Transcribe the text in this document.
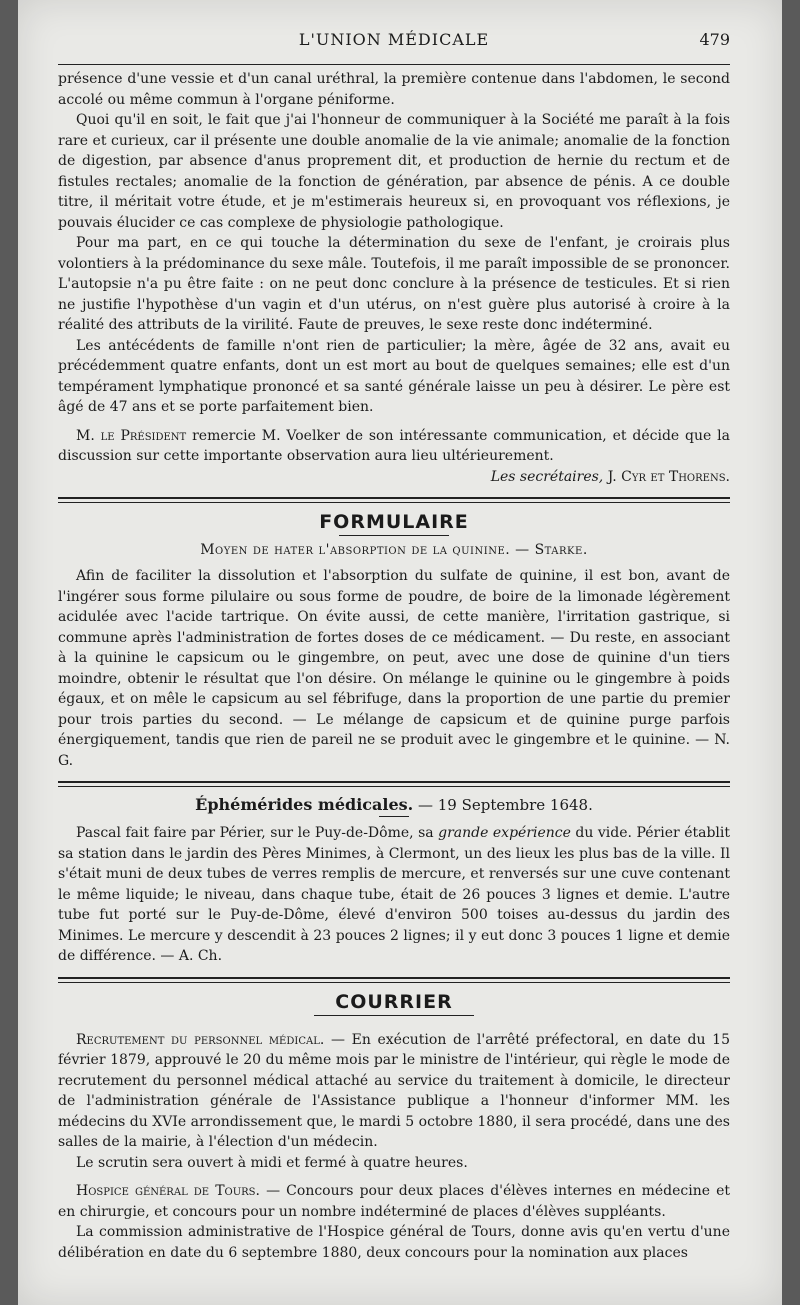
L'UNION MÉDICALE	479

présence d'une vessie et d'un canal uréthral, la première contenue dans l'abdomen, le second accolé ou même commun à l'organe péniforme.

Quoi qu'il en soit, le fait que j'ai l'honneur de communiquer à la Société me paraît à la fois rare et curieux, car il présente une double anomalie de la vie animale; anomalie de la fonction de digestion, par absence d'anus proprement dit, et production de hernie du rectum et de fistules rectales; anomalie de la fonction de génération, par absence de pénis. A ce double titre, il méritait votre étude, et je m'estimerais heureux si, en provoquant vos réflexions, je pouvais élucider ce cas complexe de physiologie pathologique.

Pour ma part, en ce qui touche la détermination du sexe de l'enfant, je croirais plus volontiers à la prédominance du sexe mâle. Toutefois, il me paraît impossible de se prononcer. L'autopsie n'a pu être faite : on ne peut donc conclure à la présence de testicules. Et si rien ne justifie l'hypothèse d'un vagin et d'un utérus, on n'est guère plus autorisé à croire à la réalité des attributs de la virilité. Faute de preuves, le sexe reste donc indéterminé.

Les antécédents de famille n'ont rien de particulier; la mère, âgée de 32 ans, avait eu précédemment quatre enfants, dont un est mort au bout de quelques semaines; elle est d'un tempérament lymphatique prononcé et sa santé générale laisse un peu à désirer. Le père est âgé de 47 ans et se porte parfaitement bien.

M. le Président remercie M. Voelker de son intéressante communication, et décide que la discussion sur cette importante observation aura lieu ultérieurement.

Les secrétaires, J. Cyr et Thorens.

FORMULAIRE
Moyen de hater l'absorption de la quinine. — Starke.

Afin de faciliter la dissolution et l'absorption du sulfate de quinine, il est bon, avant de l'ingérer sous forme pilulaire ou sous forme de poudre, de boire de la limonade légèrement acidulée avec l'acide tartrique. On évite aussi, de cette manière, l'irritation gastrique, si commune après l'administration de fortes doses de ce médicament. — Du reste, en associant à la quinine le capsicum ou le gingembre, on peut, avec une dose de quinine d'un tiers moindre, obtenir le résultat que l'on désire. On mélange le quinine ou le gingembre à poids égaux, et on mêle le capsicum au sel fébrifuge, dans la proportion de une partie du premier pour trois parties du second. — Le mélange de capsicum et de quinine purge parfois énergiquement, tandis que rien de pareil ne se produit avec le gingembre et le quinine. — N. G.

Éphémérides médicales. — 19 Septembre 1648.

Pascal fait faire par Périer, sur le Puy-de-Dôme, sa grande expérience du vide. Périer établit sa station dans le jardin des Pères Minimes, à Clermont, un des lieux les plus bas de la ville. Il s'était muni de deux tubes de verres remplis de mercure, et renversés sur une cuve contenant le même liquide; le niveau, dans chaque tube, était de 26 pouces 3 lignes et demie. L'autre tube fut porté sur le Puy-de-Dôme, élevé d'environ 500 toises au-dessus du jardin des Minimes. Le mercure y descendit à 23 pouces 2 lignes; il y eut donc 3 pouces 1 ligne et demie de différence. — A. Ch.

COURRIER

Recrutement du personnel médical. — En exécution de l'arrêté préfectoral, en date du 15 février 1879, approuvé le 20 du même mois par le ministre de l'intérieur, qui règle le mode de recrutement du personnel médical attaché au service du traitement à domicile, le directeur de l'administration générale de l'Assistance publique a l'honneur d'informer MM. les médecins du XVIe arrondissement que, le mardi 5 octobre 1880, il sera procédé, dans une des salles de la mairie, à l'élection d'un médecin.

Le scrutin sera ouvert à midi et fermé à quatre heures.

Hospice général de Tours. — Concours pour deux places d'élèves internes en médecine et en chirurgie, et concours pour un nombre indéterminé de places d'élèves suppléants.

La commission administrative de l'Hospice général de Tours, donne avis qu'en vertu d'une délibération en date du 6 septembre 1880, deux concours pour la nomination aux places
